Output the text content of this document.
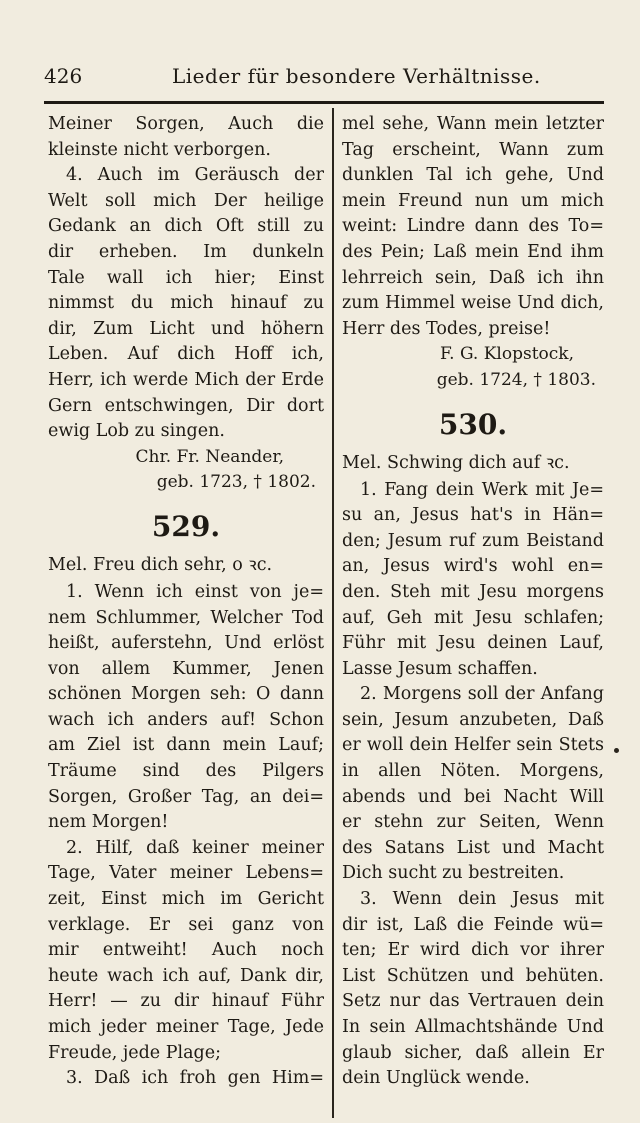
426	Lieder für besondere Verhältnisse.
Meiner Sorgen, Auch die
kleinste nicht verborgen.
4. Auch im Geräusch der
Welt soll mich Der heilige
Gedank an dich Oft still zu
dir erheben. Im dunkeln
Tale wall ich hier; Einst
nimmst du mich hinauf zu
dir, Zum Licht und höhern
Leben. Auf dich Hoff ich,
Herr, ich werde Mich der Erde
Gern entschwingen, Dir dort
ewig Lob zu singen.
Chr. Fr. Neander,
geb. 1723, † 1802.
529.
Mel. Freu dich sehr, o ꝛc.
1. Wenn ich einst von je=
nem Schlummer, Welcher Tod
heißt, auferstehn, Und erlöst
von allem Kummer, Jenen
schönen Morgen seh: O dann
wach ich anders auf! Schon
am Ziel ist dann mein Lauf;
Träume sind des Pilgers
Sorgen, Großer Tag, an dei=
nem Morgen!
2. Hilf, daß keiner meiner
Tage, Vater meiner Lebens=
zeit, Einst mich im Gericht
verklage. Er sei ganz von
mir entweiht! Auch noch
heute wach ich auf, Dank dir,
Herr! — zu dir hinauf Führ
mich jeder meiner Tage, Jede
Freude, jede Plage;
3. Daß ich froh gen Him=
mel sehe, Wann mein letzter
Tag erscheint, Wann zum
dunklen Tal ich gehe, Und
mein Freund nun um mich
weint: Lindre dann des To=
des Pein; Laß mein End ihm
lehrreich sein, Daß ich ihn
zum Himmel weise Und dich,
Herr des Todes, preise!
F. G. Klopstock,
geb. 1724, † 1803.
530.
Mel. Schwing dich auf ꝛc.
1. Fang dein Werk mit Je=
su an, Jesus hat's in Hän=
den; Jesum ruf zum Beistand
an, Jesus wird's wohl en=
den. Steh mit Jesu morgens
auf, Geh mit Jesu schlafen;
Führ mit Jesu deinen Lauf,
Lasse Jesum schaffen.
2. Morgens soll der Anfang
sein, Jesum anzubeten, Daß
er woll dein Helfer sein Stets
in allen Nöten. Morgens,
abends und bei Nacht Will
er stehn zur Seiten, Wenn
des Satans List und Macht
Dich sucht zu bestreiten.
3. Wenn dein Jesus mit
dir ist, Laß die Feinde wü=
ten; Er wird dich vor ihrer
List Schützen und behüten.
Setz nur das Vertrauen dein
In sein Allmachtshände Und
glaub sicher, daß allein Er
dein Unglück wende.
